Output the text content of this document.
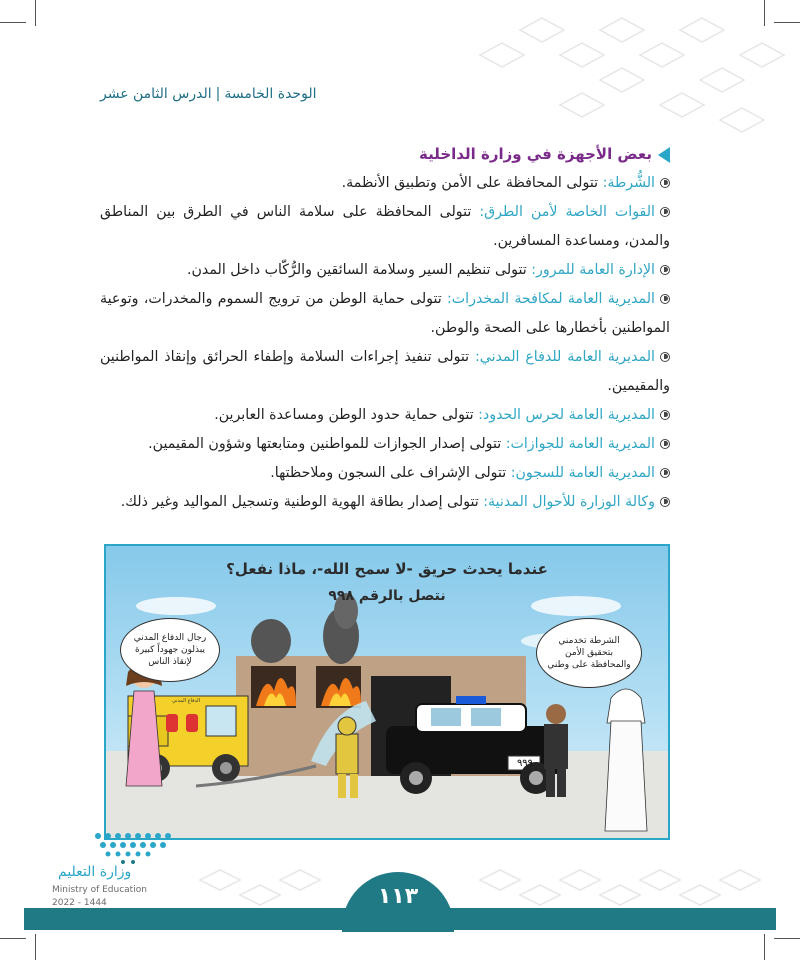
الوحدة الخامسة|الدرس الثامن عشر
بعض الأجهزة في وزارة الداخلية

الشُّرطة: تتولى المحافظة على الأمن وتطبيق الأنظمة.

القوات الخاصة لأمن الطرق: تتولى المحافظة على سلامة الناس في الطرق بين المناطق والمدن، ومساعدة المسافرين.

الإدارة العامة للمرور: تتولى تنظيم السير وسلامة السائقين والرُّكّاب داخل المدن.

المديرية العامة لمكافحة المخدرات: تتولى حماية الوطن من ترويج السموم والمخدرات، وتوعية المواطنين بأخطارها على الصحة والوطن.

المديرية العامة للدفاع المدني: تتولى تنفيذ إجراءات السلامة وإطفاء الحرائق وإنقاذ المواطنين والمقيمين.

المديرية العامة لحرس الحدود: تتولى حماية حدود الوطن ومساعدة العابرين.

المديرية العامة للجوازات: تتولى إصدار الجوازات للمواطنين ومتابعتها وشؤون المقيمين.

المديرية العامة للسجون: تتولى الإشراف على السجون وملاحظتها.

وكالة الوزارة للأحوال المدنية: تتولى إصدار بطاقة الهوية الوطنية وتسجيل المواليد وغير ذلك.

عندما يحدث حريق -لا سمح الله-، ماذا نفعل؟
نتصل بالرقم ٩٩٨
رجال الدفاع المدني يبذلون جهوداً كبيرة لإنقاذ الناس
الشرطة تخدمني بتحقيق الأمن والمحافظة على وطني
٩٩٩
الدفاع المدني
وزارة التعليم
Ministry of Education
2022 - 1444	١١٣
